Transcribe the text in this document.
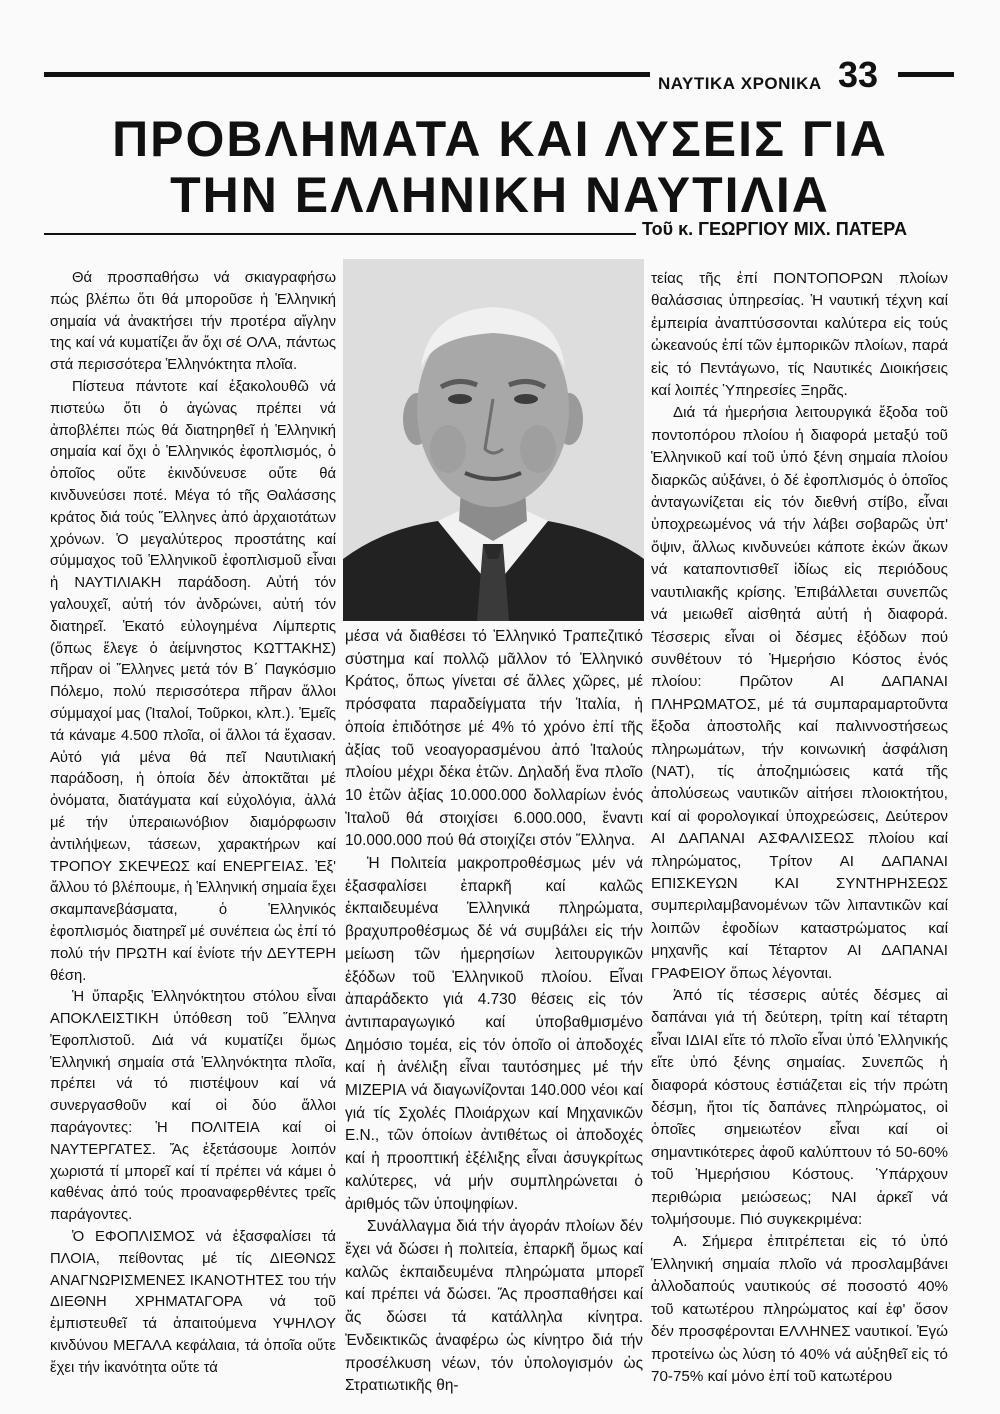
ΝΑΥΤΙΚΑ ΧΡΟΝΙΚΑ 33
ΠΡΟΒΛΗΜΑΤΑ ΚΑΙ ΛΥΣΕΙΣ ΓΙΑ
ΤΗΝ ΕΛΛΗΝΙΚΗ ΝΑΥΤΙΛΙΑ
Τοῦ κ. ΓΕΩΡΓΙΟΥ ΜΙΧ. ΠΑΤΕΡΑ

Θά προσπαθήσω νά σκιαγραφήσω πώς βλέπω ὅτι θά μποροῦσε ἡ Ἑλληνική σημαία νά ἀνακτήσει τήν προτέρα αἴγλην της καί νά κυματίζει ἄν ὄχι σέ ΟΛΑ, πάντως στά περισσότερα Ἑλληνόκτητα πλοῖα.

Πίστευα πάντοτε καί ἐξακολουθῶ νά πιστεύω ὅτι ὁ ἀγώνας πρέπει νά ἀποβλέπει πώς θά διατηρηθεῖ ἡ Ἑλληνική σημαία καί ὄχι ὁ Ἑλληνικός ἐφοπλισμός, ὁ ὁποῖος οὔτε ἐκινδύνευσε οὔτε θά κινδυνεύσει ποτέ. Μέγα τό τῆς Θαλάσσης κράτος διά τούς Ἕλληνες ἀπό ἀρχαιοτάτων χρόνων. Ὁ μεγαλύτερος προστάτης καί σύμμαχος τοῦ Ἑλληνικοῦ ἐφοπλισμοῦ εἶναι ἡ ΝΑΥΤΙΛΙΑΚΗ παράδοση. Αὐτή τόν γαλουχεῖ, αὐτή τόν ἀνδρώνει, αὐτή τόν διατηρεῖ. Ἑκατό εὐλογημένα Λίμπερτις (ὅπως ἔλεγε ὁ ἀείμνηστος ΚΩΤΤΑΚΗΣ) πῆραν οἱ Ἕλληνες μετά τόν Β΄ Παγκόσμιο Πόλεμο, πολύ περισσότερα πῆραν ἄλλοι σύμμαχοί μας (Ἰταλοί, Τοῦρκοι, κλπ.). Ἐμεῖς τά κάναμε 4.500 πλοῖα, οἱ ἄλλοι τά ἔχασαν. Αὐτό γιά μένα θά πεῖ Ναυτιλιακή παράδοση, ἡ ὁποία δέν ἀποκτᾶται μέ ὀνόματα, διατάγματα καί εὐχολόγια, ἀλλά μέ τήν ὑπεραιωνόβιον διαμόρφωσιν ἀντιλήψεων, τάσεων, χαρακτήρων καί ΤΡΟΠΟΥ ΣΚΕΨΕΩΣ καί ΕΝΕΡΓΕΙΑΣ. Ἐξ' ἄλλου τό βλέπουμε, ἡ Ἑλληνική σημαία ἔχει σκαμπανεβάσματα, ὁ Ἑλληνικός ἐφοπλισμός διατηρεῖ μέ συνέπεια ὡς ἐπί τό πολύ τήν ΠΡΩΤΗ καί ἐνίοτε τήν ΔΕΥΤΕΡΗ θέση.

Ἡ ὕπαρξις Ἑλληνόκτητου στόλου εἶναι ΑΠΟΚΛΕΙΣΤΙΚΗ ὑπόθεση τοῦ Ἕλληνα Ἐφοπλιστοῦ. Διά νά κυματίζει ὅμως Ἑλληνική σημαία στά Ἑλληνόκτητα πλοῖα, πρέπει νά τό πιστέψουν καί νά συνεργασθοῦν καί οἱ δύο ἄλλοι παράγοντες: Ἡ ΠΟΛΙΤΕΙΑ καί οἱ ΝΑΥΤΕΡΓΑΤΕΣ. Ἄς ἐξετάσουμε λοιπόν χωριστά τί μπορεῖ καί τί πρέπει νά κάμει ὁ καθένας ἀπό τούς προαναφερθέντες τρεῖς παράγοντες.

Ὁ ΕΦΟΠΛΙΣΜΟΣ νά ἐξασφαλίσει τά ΠΛΟΙΑ, πείθοντας μέ τίς ΔΙΕΘΝΩΣ ΑΝΑΓΝΩΡΙΣΜΕΝΕΣ ΙΚΑΝΟΤΗΤΕΣ του τήν ΔΙΕΘΝΗ ΧΡΗΜΑΤΑΓΟΡΑ νά τοῦ ἐμπιστευθεῖ τά ἀπαιτούμενα ΥΨΗΛΟΥ κινδύνου ΜΕΓΑΛΑ κεφάλαια, τά ὁποῖα οὔτε ἔχει τήν ἱκανότητα οὔτε τά

μέσα νά διαθέσει τό Ἑλληνικό Τραπεζιτικό σύστημα καί πολλῷ μᾶλλον τό Ἑλληνικό Κράτος, ὅπως γίνεται σέ ἄλλες χῶρες, μέ πρόσφατα παραδείγματα τήν Ἰταλία, ἡ ὁποία ἐπιδότησε μέ 4% τό χρόνο ἐπί τῆς ἀξίας τοῦ νεοαγορασμένου ἀπό Ἰταλούς πλοίου μέχρι δέκα ἐτῶν. Δηλαδή ἕνα πλοῖο 10 ἐτῶν ἀξίας 10.000.000 δολλαρίων ἑνός Ἰταλοῦ θά στοιχίσει 6.000.000, ἔναντι 10.000.000 πού θά στοιχίζει στόν Ἕλληνα.

Ἡ Πολιτεία μακροπροθέσμως μέν νά ἐξασφαλίσει ἐπαρκῆ καί καλῶς ἐκπαιδευμένα Ἑλληνικά πληρώματα, βραχυπροθέσμως δέ νά συμβάλει εἰς τήν μείωση τῶν ἡμερησίων λειτουργικῶν ἐξόδων τοῦ Ἑλληνικοῦ πλοίου. Εἶναι ἀπαράδεκτο γιά 4.730 θέσεις εἰς τόν ἀντιπαραγωγικό καί ὑποβαθμισμένο Δημόσιο τομέα, εἰς τόν ὁποῖο οἱ ἀποδοχές καί ἡ ἀνέλιξη εἶναι ταυτόσημες μέ τήν ΜΙΖΕΡΙΑ νά διαγωνίζονται 140.000 νέοι καί γιά τίς Σχολές Πλοιάρχων καί Μηχανικῶν Ε.Ν., τῶν ὁποίων ἀντιθέτως οἱ ἀποδοχές καί ἡ προοπτική ἐξέλιξης εἶναι ἀσυγκρίτως καλύτερες, νά μήν συμπληρώνεται ὁ ἀριθμός τῶν ὑποψηφίων.

Συνάλλαγμα διά τήν ἀγοράν πλοίων δέν ἔχει νά δώσει ἡ πολιτεία, ἐπαρκῆ ὅμως καί καλῶς ἐκπαιδευμένα πληρώματα μπορεῖ καί πρέπει νά δώσει. Ἄς προσπαθήσει καί ἄς δώσει τά κατάλληλα κίνητρα. Ἐνδεικτικῶς ἀναφέρω ὡς κίνητρο διά τήν προσέλκυση νέων, τόν ὑπολογισμόν ὡς Στρατιωτικῆς θη-

τείας τῆς ἐπί ΠΟΝΤΟΠΟΡΩΝ πλοίων θαλάσσιας ὑπηρεσίας. Ἡ ναυτική τέχνη καί ἐμπειρία ἀναπτύσσονται καλύτερα εἰς τούς ὠκεανούς ἐπί τῶν ἐμπορικῶν πλοίων, παρά εἰς τό Πεντάγωνο, τίς Ναυτικές Διοικήσεις καί λοιπές Ὑπηρεσίες Ξηρᾶς.

Διά τά ἡμερήσια λειτουργικά ἔξοδα τοῦ ποντοπόρου πλοίου ἡ διαφορά μεταξύ τοῦ Ἑλληνικοῦ καί τοῦ ὑπό ξένη σημαία πλοίου διαρκῶς αὐξάνει, ὁ δέ ἐφοπλισμός ὁ ὁποῖος ἀνταγωνίζεται εἰς τόν διεθνή στίβο, εἶναι ὑποχρεωμένος νά τήν λάβει σοβαρῶς ὑπ' ὄψιν, ἄλλως κινδυνεύει κάποτε ἐκών ἄκων νά καταποντισθεῖ ἰδίως εἰς περιόδους ναυτιλιακῆς κρίσης. Ἐπιβάλλεται συνεπῶς νά μειωθεῖ αἰσθητά αὐτή ἡ διαφορά. Τέσσερις εἶναι οἱ δέσμες ἐξόδων πού συνθέτουν τό Ἡμερήσιο Κόστος ἑνός πλοίου: Πρῶτον ΑΙ ΔΑΠΑΝΑΙ ΠΛΗΡΩΜΑΤΟΣ, μέ τά συμπαραμαρτοῦντα ἔξοδα ἀποστολῆς καί παλιννοστήσεως πληρωμάτων, τήν κοινωνική ἀσφάλιση (ΝΑΤ), τίς ἀποζημιώσεις κατά τῆς ἀπολύσεως ναυτικῶν αἰτήσει πλοιοκτήτου, καί αἱ φορολογικαί ὑποχρεώσεις, Δεύτερον ΑΙ ΔΑΠΑΝΑΙ ΑΣΦΑΛΙΣΕΩΣ πλοίου καί πληρώματος, Τρίτον ΑΙ ΔΑΠΑΝΑΙ ΕΠΙΣΚΕΥΩΝ ΚΑΙ ΣΥΝΤΗΡΗΣΕΩΣ συμπεριλαμβανομένων τῶν λιπαντικῶν καί λοιπῶν ἐφοδίων καταστρώματος καί μηχανῆς καί Τέταρτον ΑΙ ΔΑΠΑΝΑΙ ΓΡΑΦΕΙΟΥ ὅπως λέγονται.

Ἀπό τίς τέσσερις αὐτές δέσμες αἱ δαπάναι γιά τή δεύτερη, τρίτη καί τέταρτη εἶναι ΙΔΙΑΙ εἴτε τό πλοῖο εἶναι ὑπό Ἑλληνικής εἴτε ὑπό ξένης σημαίας. Συνεπῶς ἡ διαφορά κόστους ἐστιάζεται εἰς τήν πρώτη δέσμη, ἤτοι τίς δαπάνες πληρώματος, οἱ ὁποῖες σημειωτέον εἶναι καί οἱ σημαντικότερες ἀφοῦ καλύπτουν τό 50-60% τοῦ Ἡμερήσιου Κόστους. Ὑπάρχουν περιθώρια μειώσεως; ΝΑΙ ἀρκεῖ νά τολμήσουμε. Πιό συγκεκριμένα:

Α. Σήμερα ἐπιτρέπεται εἰς τό ὑπό Ἑλληνική σημαία πλοῖο νά προσλαμβάνει ἀλλοδαπούς ναυτικούς σέ ποσοστό 40% τοῦ κατωτέρου πληρώματος καί ἐφ' ὅσον δέν προσφέρονται ΕΛΛΗΝΕΣ ναυτικοί. Ἐγώ προτείνω ὡς λύση τό 40% νά αὐξηθεῖ εἰς τό 70-75% καί μόνο ἐπί τοῦ κατωτέρου
